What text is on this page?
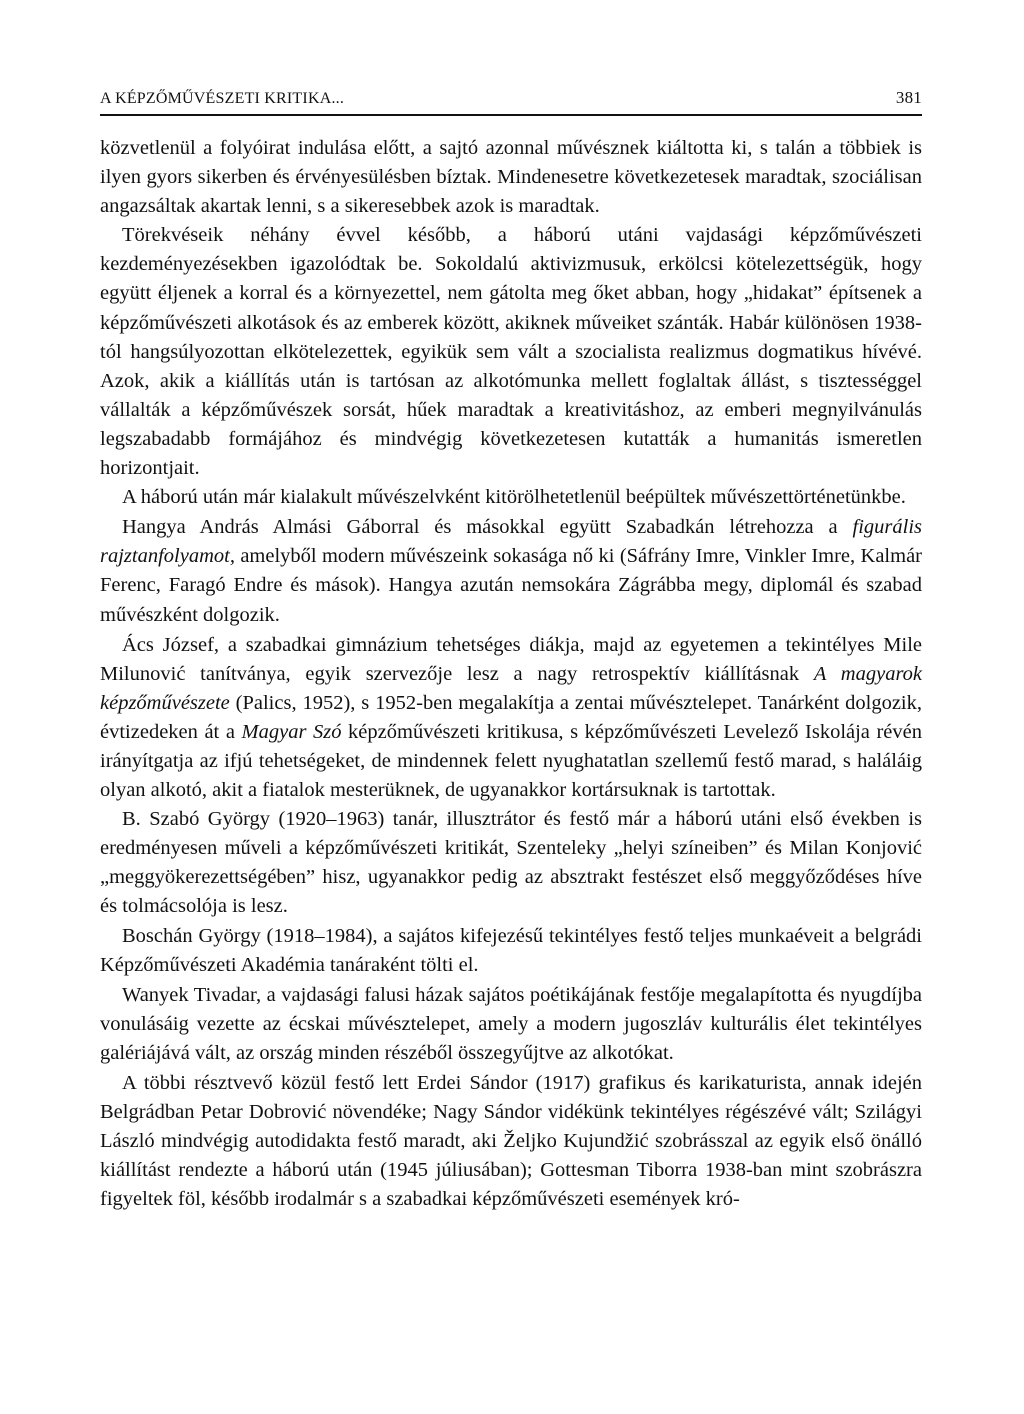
A KÉPZŐMŰVÉSZETI KRITIKA...	381

közvetlenül a folyóirat indulása előtt, a sajtó azonnal művésznek kiáltotta ki, s talán a többiek is ilyen gyors sikerben és érvényesülésben bíztak. Mindenesetre következetesek maradtak, szociálisan angazsáltak akartak lenni, s a sikeresebbek azok is maradtak.

Törekvéseik néhány évvel később, a háború utáni vajdasági képzőművészeti kezdeményezésekben igazolódtak be. Sokoldalú aktivizmusuk, erkölcsi kötelezettségük, hogy együtt éljenek a korral és a környezettel, nem gátolta meg őket abban, hogy „hidakat” építsenek a képzőművészeti alkotások és az emberek között, akiknek műveiket szánták. Habár különösen 1938-tól hangsúlyozottan elkötelezettek, egyikük sem vált a szocialista realizmus dogmatikus hívévé. Azok, akik a kiállítás után is tartósan az alkotómunka mellett foglaltak állást, s tisztességgel vállalták a képzőművészek sorsát, hűek maradtak a kreativitáshoz, az emberi megnyilvánulás legszabadabb formájához és mindvégig következetesen kutatták a humanitás ismeretlen horizontjait.

A háború után már kialakult művészelvként kitörölhetetlenül beépültek művészettörténetünkbe.

Hangya András Almási Gáborral és másokkal együtt Szabadkán létrehozza a figurális rajztanfolyamot, amelyből modern művészeink sokasága nő ki (Sáfrány Imre, Vinkler Imre, Kalmár Ferenc, Faragó Endre és mások). Hangya azután nemsokára Zágrábba megy, diplomál és szabad művészként dolgozik.

Ács József, a szabadkai gimnázium tehetséges diákja, majd az egyetemen a tekintélyes Mile Milunović tanítványa, egyik szervezője lesz a nagy retrospektív kiállításnak A magyarok képzőművészete (Palics, 1952), s 1952-ben megalakítja a zentai művésztelepet. Tanárként dolgozik, évtizedeken át a Magyar Szó képzőművészeti kritikusa, s képzőművészeti Levelező Iskolája révén irányítgatja az ifjú tehetségeket, de mindennek felett nyughatatlan szellemű festő marad, s haláláig olyan alkotó, akit a fiatalok mesterüknek, de ugyanakkor kortársuknak is tartottak.

B. Szabó György (1920–1963) tanár, illusztrátor és festő már a háború utáni első években is eredményesen műveli a képzőművészeti kritikát, Szenteleky „helyi színeiben” és Milan Konjović „meggyökerezettségében” hisz, ugyanakkor pedig az absztrakt festészet első meggyőződéses híve és tolmácsolója is lesz.

Boschán György (1918–1984), a sajátos kifejezésű tekintélyes festő teljes munkaéveit a belgrádi Képzőművészeti Akadémia tanáraként tölti el.

Wanyek Tivadar, a vajdasági falusi házak sajátos poétikájának festője megalapította és nyugdíjba vonulásáig vezette az écskai művésztelepet, amely a modern jugoszláv kulturális élet tekintélyes galériájává vált, az ország minden részéből összegyűjtve az alkotókat.

A többi résztvevő közül festő lett Erdei Sándor (1917) grafikus és karikaturista, annak idején Belgrádban Petar Dobrović növendéke; Nagy Sándor vidékünk tekintélyes régészévé vált; Szilágyi László mindvégig autodidakta festő maradt, aki Željko Kujundžić szobrásszal az egyik első önálló kiállítást rendezte a háború után (1945 júliusában); Gottesman Tiborra 1938-ban mint szobrászra figyeltek föl, később irodalmár s a szabadkai képzőművészeti események kró-
